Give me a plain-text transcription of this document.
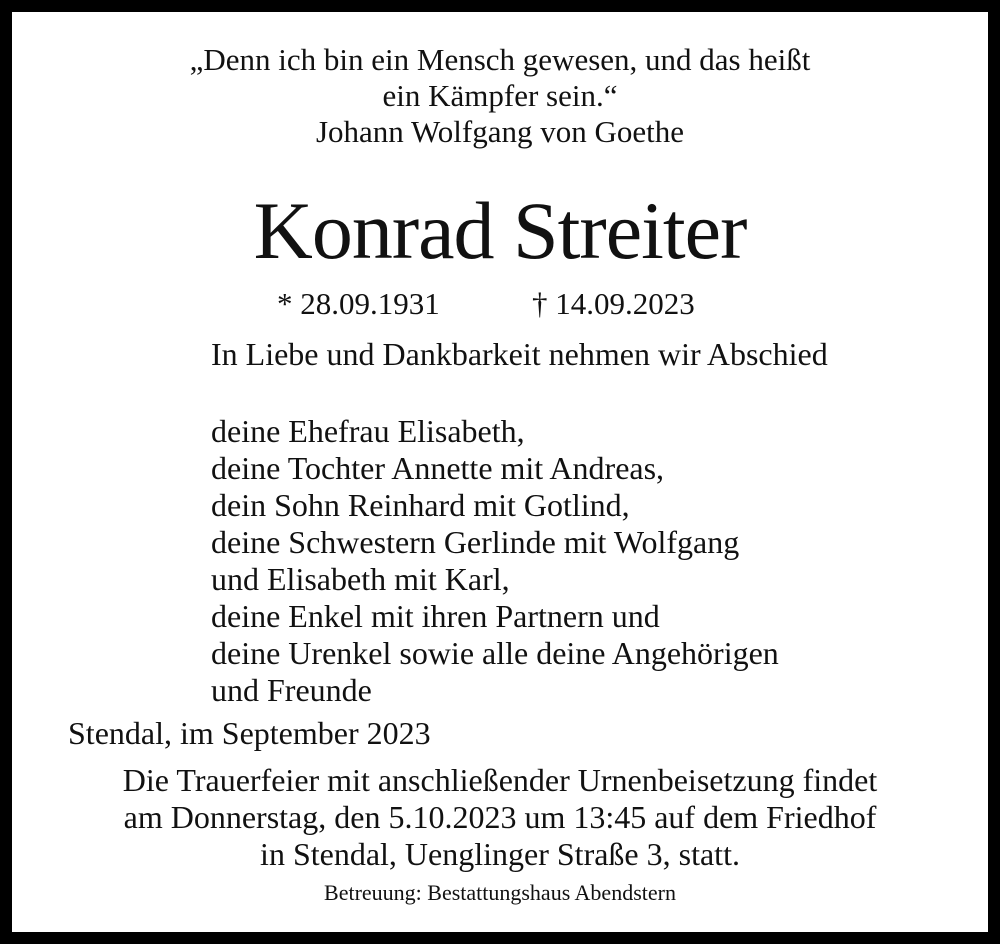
„Denn ich bin ein Mensch gewesen, und das heißt
ein Kämpfer sein.“
Johann Wolfgang von Goethe
Konrad Streiter
* 28.09.1931	† 14.09.2023
In Liebe und Dankbarkeit nehmen wir Abschied
deine Ehefrau Elisabeth,
deine Tochter Annette mit Andreas,
dein Sohn Reinhard mit Gotlind,
deine Schwestern Gerlinde mit Wolfgang
und Elisabeth mit Karl,
deine Enkel mit ihren Partnern und
deine Urenkel sowie alle deine Angehörigen
und Freunde
Stendal, im September 2023
Die Trauerfeier mit anschließender Urnenbeisetzung findet
am Donnerstag, den 5.10.2023 um 13:45 auf dem Friedhof
in Stendal, Uenglinger Straße 3, statt.
Betreuung: Bestattungshaus Abendstern
